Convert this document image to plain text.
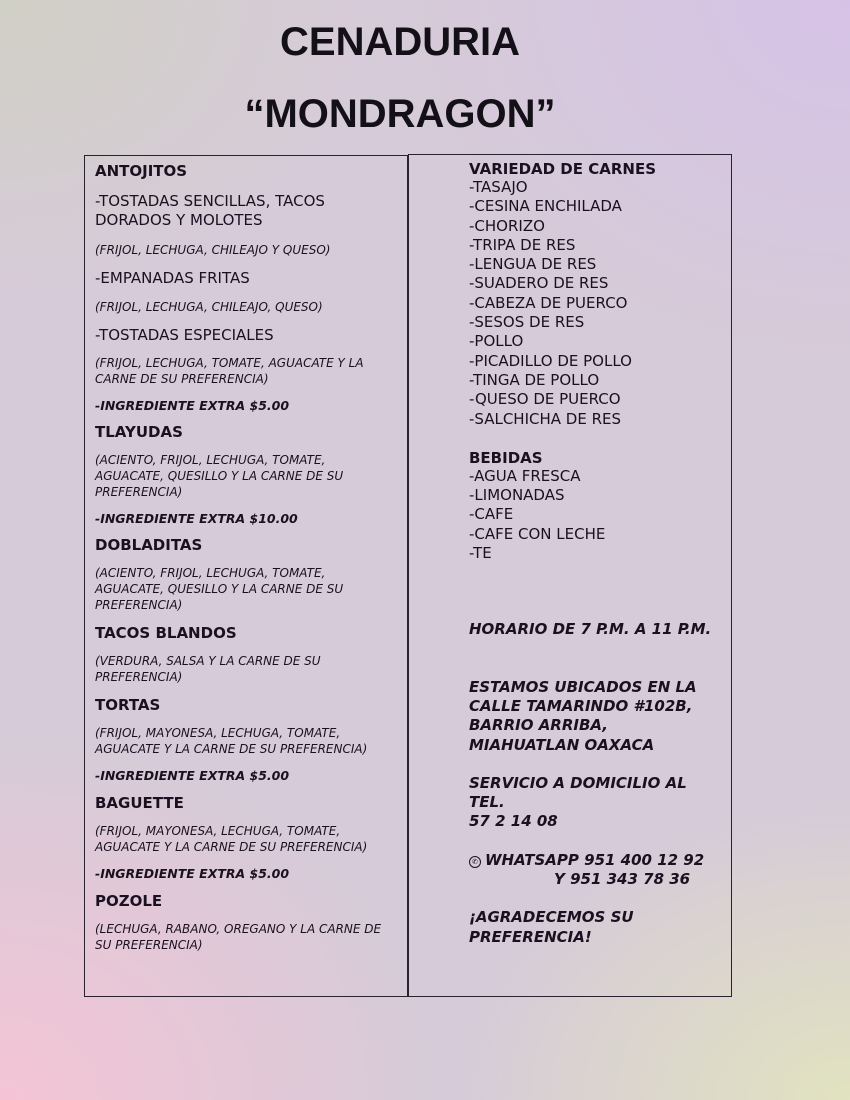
CENADURIA
“MONDRAGON”

ANTOJITOS

-TOSTADAS SENCILLAS, TACOS DORADOS Y MOLOTES

(FRIJOL, LECHUGA, CHILEAJO Y QUESO)

-EMPANADAS FRITAS

(FRIJOL, LECHUGA, CHILEAJO, QUESO)

-TOSTADAS ESPECIALES

(FRIJOL, LECHUGA, TOMATE, AGUACATE Y LA CARNE DE SU PREFERENCIA)

-INGREDIENTE EXTRA $5.00

TLAYUDAS

(ACIENTO, FRIJOL, LECHUGA, TOMATE, AGUACATE, QUESILLO Y LA CARNE DE SU PREFERENCIA)

-INGREDIENTE EXTRA $10.00

DOBLADITAS

(ACIENTO, FRIJOL, LECHUGA, TOMATE, AGUACATE, QUESILLO Y LA CARNE DE SU PREFERENCIA)

TACOS BLANDOS

(VERDURA, SALSA Y LA CARNE DE SU PREFERENCIA)

TORTAS

(FRIJOL, MAYONESA, LECHUGA, TOMATE, AGUACATE Y LA CARNE DE SU PREFERENCIA)

-INGREDIENTE EXTRA $5.00

BAGUETTE

(FRIJOL, MAYONESA, LECHUGA, TOMATE, AGUACATE Y LA CARNE DE SU PREFERENCIA)

-INGREDIENTE EXTRA $5.00

POZOLE

(LECHUGA, RABANO, OREGANO Y LA CARNE DE SU PREFERENCIA)

VARIEDAD DE CARNES

-TASAJO
-CESINA ENCHILADA
-CHORIZO
-TRIPA DE RES
-LENGUA DE RES
-SUADERO DE RES
-CABEZA DE PUERCO
-SESOS DE RES
-POLLO
-PICADILLO DE POLLO
-TINGA DE POLLO
-QUESO DE PUERCO
-SALCHICHA DE RES

BEBIDAS

-AGUA FRESCA
-LIMONADAS
-CAFE
-CAFE CON LECHE
-TE

HORARIO DE 7 P.M. A 11 P.M.

ESTAMOS UBICADOS EN LA CALLE TAMARINDO #102B, BARRIO ARRIBA, MIAHUATLAN OAXACA

SERVICIO A DOMICILIO AL TEL.

57 2 14 08

✆ WHATSAPP 951 400 12 92

Y 951 343 78 36

¡AGRADECEMOS SU PREFERENCIA!
